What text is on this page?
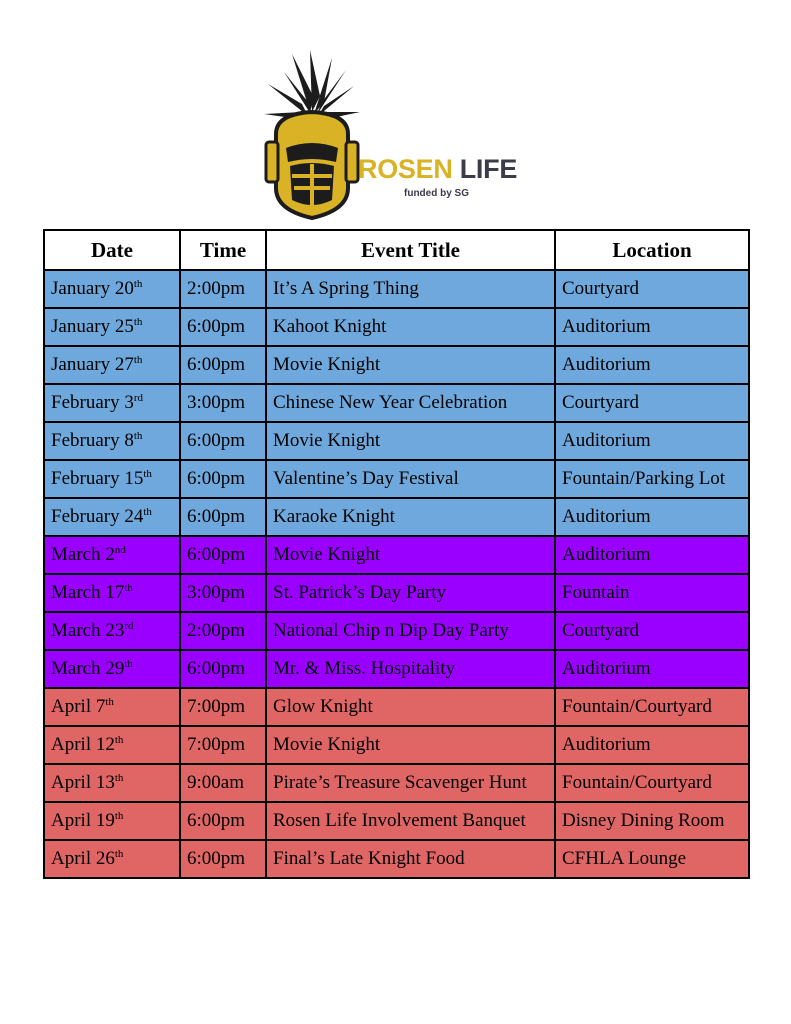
ROSEN LIFE
funded by SG
Date	Time	Event Title	Location
January 20th	2:00pm	It’s A Spring Thing	Courtyard
January 25th	6:00pm	Kahoot Knight	Auditorium
January 27th	6:00pm	Movie Knight	Auditorium
February 3rd	3:00pm	Chinese New Year Celebration	Courtyard
February 8th	6:00pm	Movie Knight	Auditorium
February 15th	6:00pm	Valentine’s Day Festival	Fountain/Parking Lot
February 24th	6:00pm	Karaoke Knight	Auditorium
March 2nd	6:00pm	Movie Knight	Auditorium
March 17th	3:00pm	St. Patrick’s Day Party	Fountain
March 23rd	2:00pm	National Chip n Dip Day Party	Courtyard
March 29th	6:00pm	Mr. & Miss. Hospitality	Auditorium
April 7th	7:00pm	Glow Knight	Fountain/Courtyard
April 12th	7:00pm	Movie Knight	Auditorium
April 13th	9:00am	Pirate’s Treasure Scavenger Hunt	Fountain/Courtyard
April 19th	6:00pm	Rosen Life Involvement Banquet	Disney Dining Room
April 26th	6:00pm	Final’s Late Knight Food	CFHLA Lounge
